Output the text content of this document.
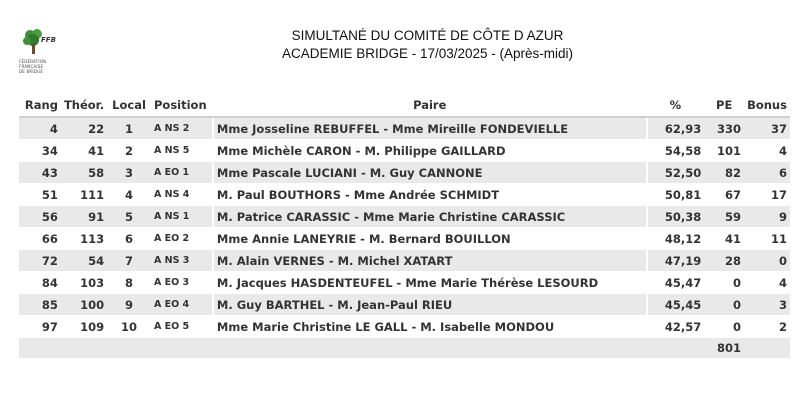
FFB
FÉDÉRATION
FRANÇAISE
DE BRIDGE
SIMULTANÉ DU COMITÉ DE CÔTE D AZUR
ACADEMIE BRIDGE - 17/03/2025 - (Après-midi)
Rang	Théor.	Local	Position	Paire	%	PE	Bonus
4	22	1	A NS 2	Mme Josseline REBUFFEL - Mme Mireille FONDEVIELLE	62,93	330	37
34	41	2	A NS 5	Mme Michèle CARON - M. Philippe GAILLARD	54,58	101	4
43	58	3	A EO 1	Mme Pascale LUCIANI - M. Guy CANNONE	52,50	82	6
51	111	4	A NS 4	M. Paul BOUTHORS - Mme Andrée SCHMIDT	50,81	67	17
56	91	5	A NS 1	M. Patrice CARASSIC - Mme Marie Christine CARASSIC	50,38	59	9
66	113	6	A EO 2	Mme Annie LANEYRIE - M. Bernard BOUILLON	48,12	41	11
72	54	7	A NS 3	M. Alain VERNES - M. Michel XATART	47,19	28	0
84	103	8	A EO 3	M. Jacques HASDENTEUFEL - Mme Marie Thérèse LESOURD	45,47	0	4
85	100	9	A EO 4	M. Guy BARTHEL - M. Jean-Paul RIEU	45,45	0	3
97	109	10	A EO 5	Mme Marie Christine LE GALL - M. Isabelle MONDOU	42,57	0	2
						801	
